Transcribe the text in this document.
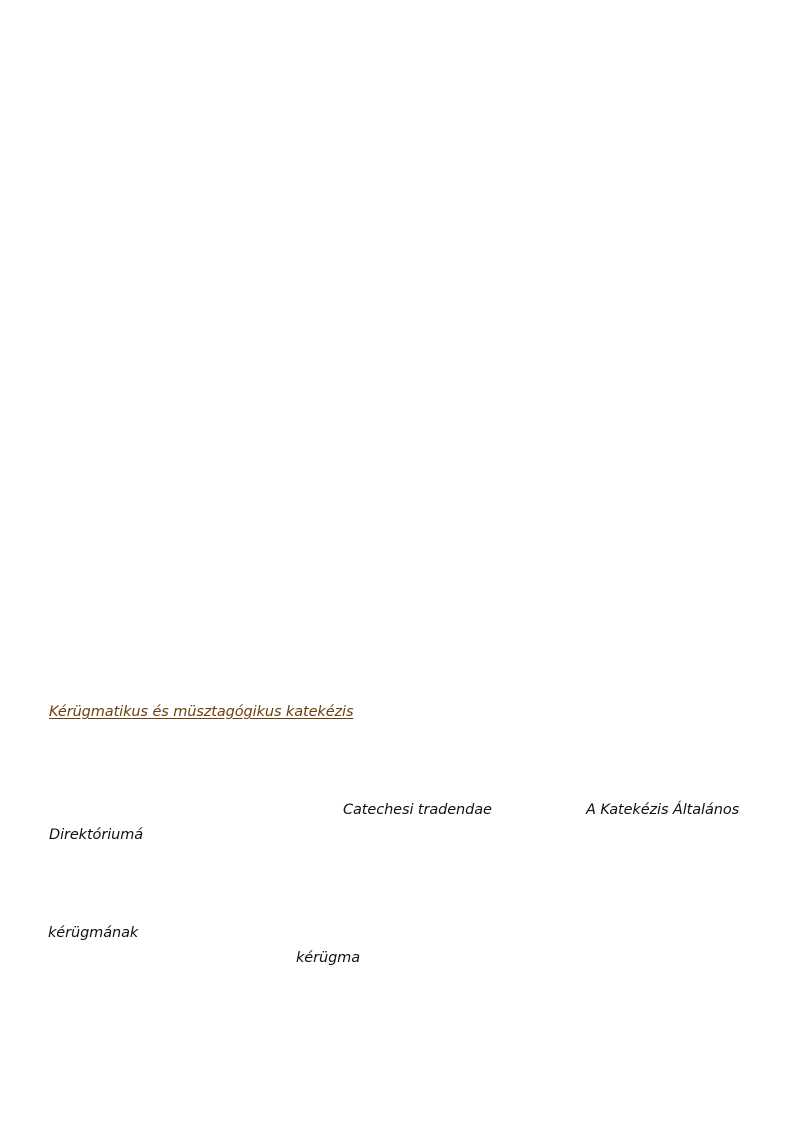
Kérügmatikus és müsztagógikus katekézis
Catechesi tradendae	A Katekézis Általános
Direktóriumá
kérügmának
kérügma
